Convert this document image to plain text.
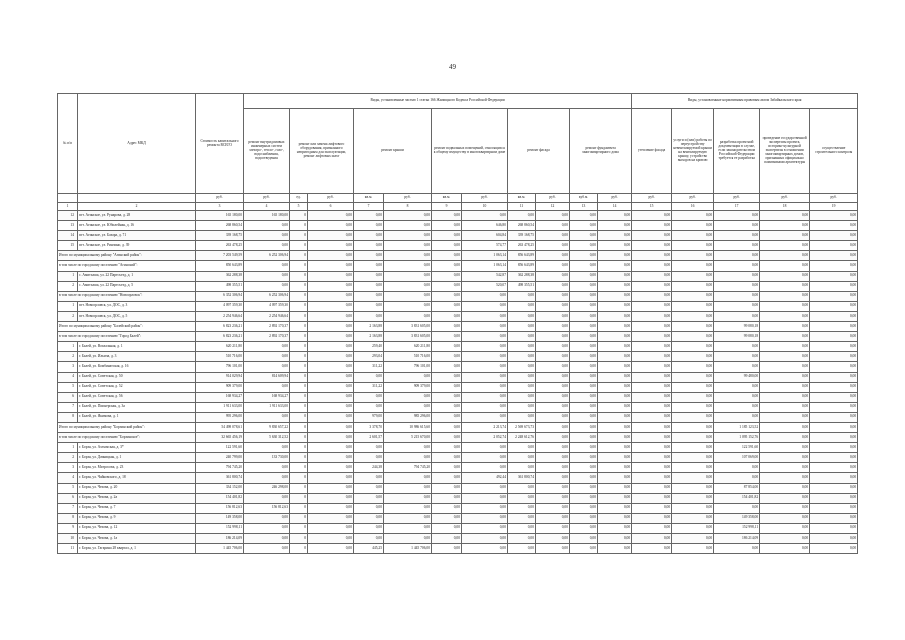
49
№ п/п	Адрес МКД	Стоимость капитального ремонта ВСЕГО	Виды, установленные частью 1 статьи 166 Жилищного Кодекса Российской Федерации											Виды, установленные нормативным правовым актом Забайкальского края				
			ремонт внутридомовых инженерных систем электро-, тепло-, газо-, водоснабжения, водоотведения	ремонт или замена лифтового оборудования, признанного непригодным для эксплуатации, ремонт лифтовых шахт		ремонт крыши		ремонт подвальных помещений, относящихся к общему имуществу в многоквартирном доме		ремонт фасада		ремонт фундамента многоквартирного дома		утепление фасада	услуги и (или) работы по переустройству невентилируемой крыши на вентилируемую крышу, устройство выходов на кровлю	разработка проектной документации в случае, если законодательством Российской Федерации требуется ее разработка	проведение государственной экспертизы проекта, историко-культурной экспертизы в отношении многоквартирных домов, признанных официально памятниками архитектуры	осуществление строительного контроля
		руб.	руб.	ед.	руб.	кв.м.	руб.	кв.м.	руб.	кв.м.	руб.	куб.м.	руб.	руб.	руб.	руб.	руб.	руб.
1	2	3	4	5	6	7	8	9	10	11	12	13	14	15	16	17	18	19
12	пгт. Агинское, ул. Рунарова, д. 28	165 180,00	165 180,00	0	0,00	0,00	0,00	0,00	0,00	0,00	0,00	0,00	0,00	0,00	0,00	0,00	0,00	0,00
13	пгт. Агинское, ул. Юбилейная, д. 16	268 860,54	0,00	0	0,00	0,00	0,00	0,00	646,80	268 860,54	0,00	0,00	0,00	0,00	0,00	0,00	0,00	0,00
14	пгт. Агинское, ул. Базара, д. 71	339 168,75	0,00	0	0,00	0,00	0,00	0,00	604,84	339 168,75	0,00	0,00	0,00	0,00	0,00	0,00	0,00	0,00
15	пгт. Агинское, ул. Ринчино, д. 39	263 478,25	0,00	0	0,00	0,00	0,00	0,00	574,77	263 478,25	0,00	0,00	0,00	0,00	0,00	0,00	0,00	0,00
Итого по муниципальному району "Агинский район":		7 203 549,59	6 252 306,94	0	0,00	0,00	0,00	0,00	1 063,14	856 643,89	0,00	0,00	0,00	0,00	0,00	0,00	0,00	0,00
в том числе по городскому поселению "Агинский":		850 643,89	0,00	0	0,00	0,00	0,00	0,00	1 063,14	856 643,89	0,00	0,00	0,00	0,00	0,00	0,00	0,00	0,00
1	с. Амитхаша, ул. 22 Партсъезд, д. 1	362 288,38	0,00	0	0,00	0,00	0,00	0,00	542,87	362 288,38	0,00	0,00	0,00	0,00	0,00	0,00	0,00	0,00
2	с. Амитхаша, ул. 22 Партсъезд, д. 5	498 355,51	0,00	0	0,00	0,00	0,00	0,00	520,07	498 355,51	0,00	0,00	0,00	0,00	0,00	0,00	0,00	0,00
в том числе по городскому поселению "Новоорловск":		6 352 306,94	6 252 306,94	0	0,00	0,00	0,00	0,00	0,00	0,00	0,00	0,00	0,00	0,00	0,00	0,00	0,00	0,00
1	пгт. Новоорловск, ул. ДОС, д. 3	4 097 359,30	4 097 359,30	0	0,00	0,00	0,00	0,00	0,00	0,00	0,00	0,00	0,00	0,00	0,00	0,00	0,00	0,00
2	пгт. Новоорловск, ул. ДОС, д. 5	2 254 946,64	2 254 946,64	0	0,00	0,00	0,00	0,00	0,00	0,00	0,00	0,00	0,00	0,00	0,00	0,00	0,00	0,00
Итого по муниципальному району "Балейский район":		6 823 236,21	2 892 170,37	0	0,00	2 163,88	3 831 605,00	0,00	0,00	0,00	0,00	0,00	0,00	0,00	0,00	99 080,18	0,00	0,00
в том числе по городскому поселению "Город Балей":		6 823 236,21	2 892 170,37	0	0,00	2 163,88	3 831 605,00	0,00	0,00	0,00	0,00	0,00	0,00	0,00	0,00	99 080,18	0,00	0,00
1	г. Балей, ул. Вокзальная, д. 1	620 211,80	0,00	0	0,00	259,40	620 211,80	0,00	0,00	0,00	0,00	0,00	0,00	0,00	0,00	0,00	0,00	0,00
2	г. Балей, ул. Ильича, д. 3	510 716,00	0,00	0	0,00	293,04	510 716,00	0,00	0,00	0,00	0,00	0,00	0,00	0,00	0,00	0,00	0,00	0,00
3	г. Балей, ул. Комбинатская, д. 16	796 101,00	0,00	0	0,00	311,22	796 101,00	0,00	0,00	0,00	0,00	0,00	0,00	0,00	0,00	0,00	0,00	0,00
4	г. Балей, ул. Советская, д. 50	914 029,94	814 609,94	0	0,00	0,00	0,00	0,00	0,00	0,00	0,00	0,00	0,00	0,00	0,00	99 480,00	0,00	0,00
5	г. Балей, ул. Советская, д. 52	909 379,00	0,00	0	0,00	311,22	909 379,00	0,00	0,00	0,00	0,00	0,00	0,00	0,00	0,00	0,00	0,00	0,00
6	г. Балей, ул. Советская, д. 56	168 934,27	168 934,27	0	0,00	0,00	0,00	0,00	0,00	0,00	0,00	0,00	0,00	0,00	0,00	0,00	0,00	0,00
7	г. Балей, ул. Пионерская, д. 3а	1 911 633,00	1 911 633,00	0	0,00	0,00	0,00	0,00	0,00	0,00	0,00	0,00	0,00	0,00	0,00	0,00	0,00	0,00
8	г. Балей, ул. Якимова, д. 1	995 296,00	0,00	0	0,00	979,00	985 296,00	0,00	0,00	0,00	0,00	0,00	0,00	0,00	0,00	0,00	0,00	0,00
Итого по муниципальному району "Борзинский район":		54 498 078,61	9 830 657,22	0	0,00	3 378,70	10 986 615,60	0,00	2 213,74	2 569 673,73	0,00	0,00	0,00	0,00	0,00	1 185 123,52	0,00	0,00
в том числе по городскому поселению "Борзинское":		32 665 456,19	5 630 312,52	0	0,00	2 601,57	5 215 670,00	0,00	2 052,74	2 248 612,76	0,00	0,00	0,00	0,00	0,00	1 095 152,76	0,00	0,00
1	г. Борзя, ул. Ахтымская, д. 3*	122 591,60	0,00	0	0,00	0,00	0,00	0,00	0,00	0,00	0,00	0,00	0,00	0,00	0,00	122 591,60	0,00	0,00
2	г. Борзя, ул. Дачницкая, д. 1	240 799,00	133 730,00	0	0,00	0,00	0,00	0,00	0,00	0,00	0,00	0,00	0,00	0,00	0,00	107 069,00	0,00	0,00
3	г. Борзя, ул. Матросова, д. 23	794 745,20	0,00	0	0,00	244,38	794 745,20	0,00	0,00	0,00	0,00	0,00	0,00	0,00	0,00	0,00	0,00	0,00
4	г. Борзя, ул. Чайковского, д. 18	361 800,74	0,00	0	0,00	0,00	0,00	0,00	492,44	361 800,74	0,00	0,00	0,00	0,00	0,00	0,00	0,00	0,00
5	г. Борзя, ул. Чехова, д. 20	334 152,00	246 298,00	0	0,00	0,00	0,00	0,00	0,00	0,00	0,00	0,00	0,00	0,00	0,00	87 854,00	0,00	0,00
6	г. Борзя, ул. Чехова, д. 2а	154 401,82	0,00	0	0,00	0,00	0,00	0,00	0,00	0,00	0,00	0,00	0,00	0,00	0,00	154 401,82	0,00	0,00
7	г. Борзя, ул. Чехова, д. 7	156 812,63	156 812,63	0	0,00	0,00	0,00	0,00	0,00	0,00	0,00	0,00	0,00	0,00	0,00	0,00	0,00	0,00
8	г. Борзя, ул. Чехова, д. 9	149 358,00	0,00	0	0,00	0,00	0,00	0,00	0,00	0,00	0,00	0,00	0,00	0,00	0,00	149 358,00	0,00	0,00
9	г. Борзя, ул. Чехова, д. 12	152 998,11	0,00	0	0,00	0,00	0,00	0,00	0,00	0,00	0,00	0,00	0,00	0,00	0,00	152 998,11	0,00	0,00
10	г. Борзя, ул. Чехова, д. 1а	186 214,09	0,00	0	0,00	0,00	0,00	0,00	0,00	0,00	0,00	0,00	0,00	0,00	0,00	186 214,09	0,00	0,00
11	г. Борзя, ул. Гагарина 28 квартал, д. 1	1 445 706,00	0,00	0	0,00	445,25	1 445 706,00	0,00	0,00	0,00	0,00	0,00	0,00	0,00	0,00	0,00	0,00	0,00
